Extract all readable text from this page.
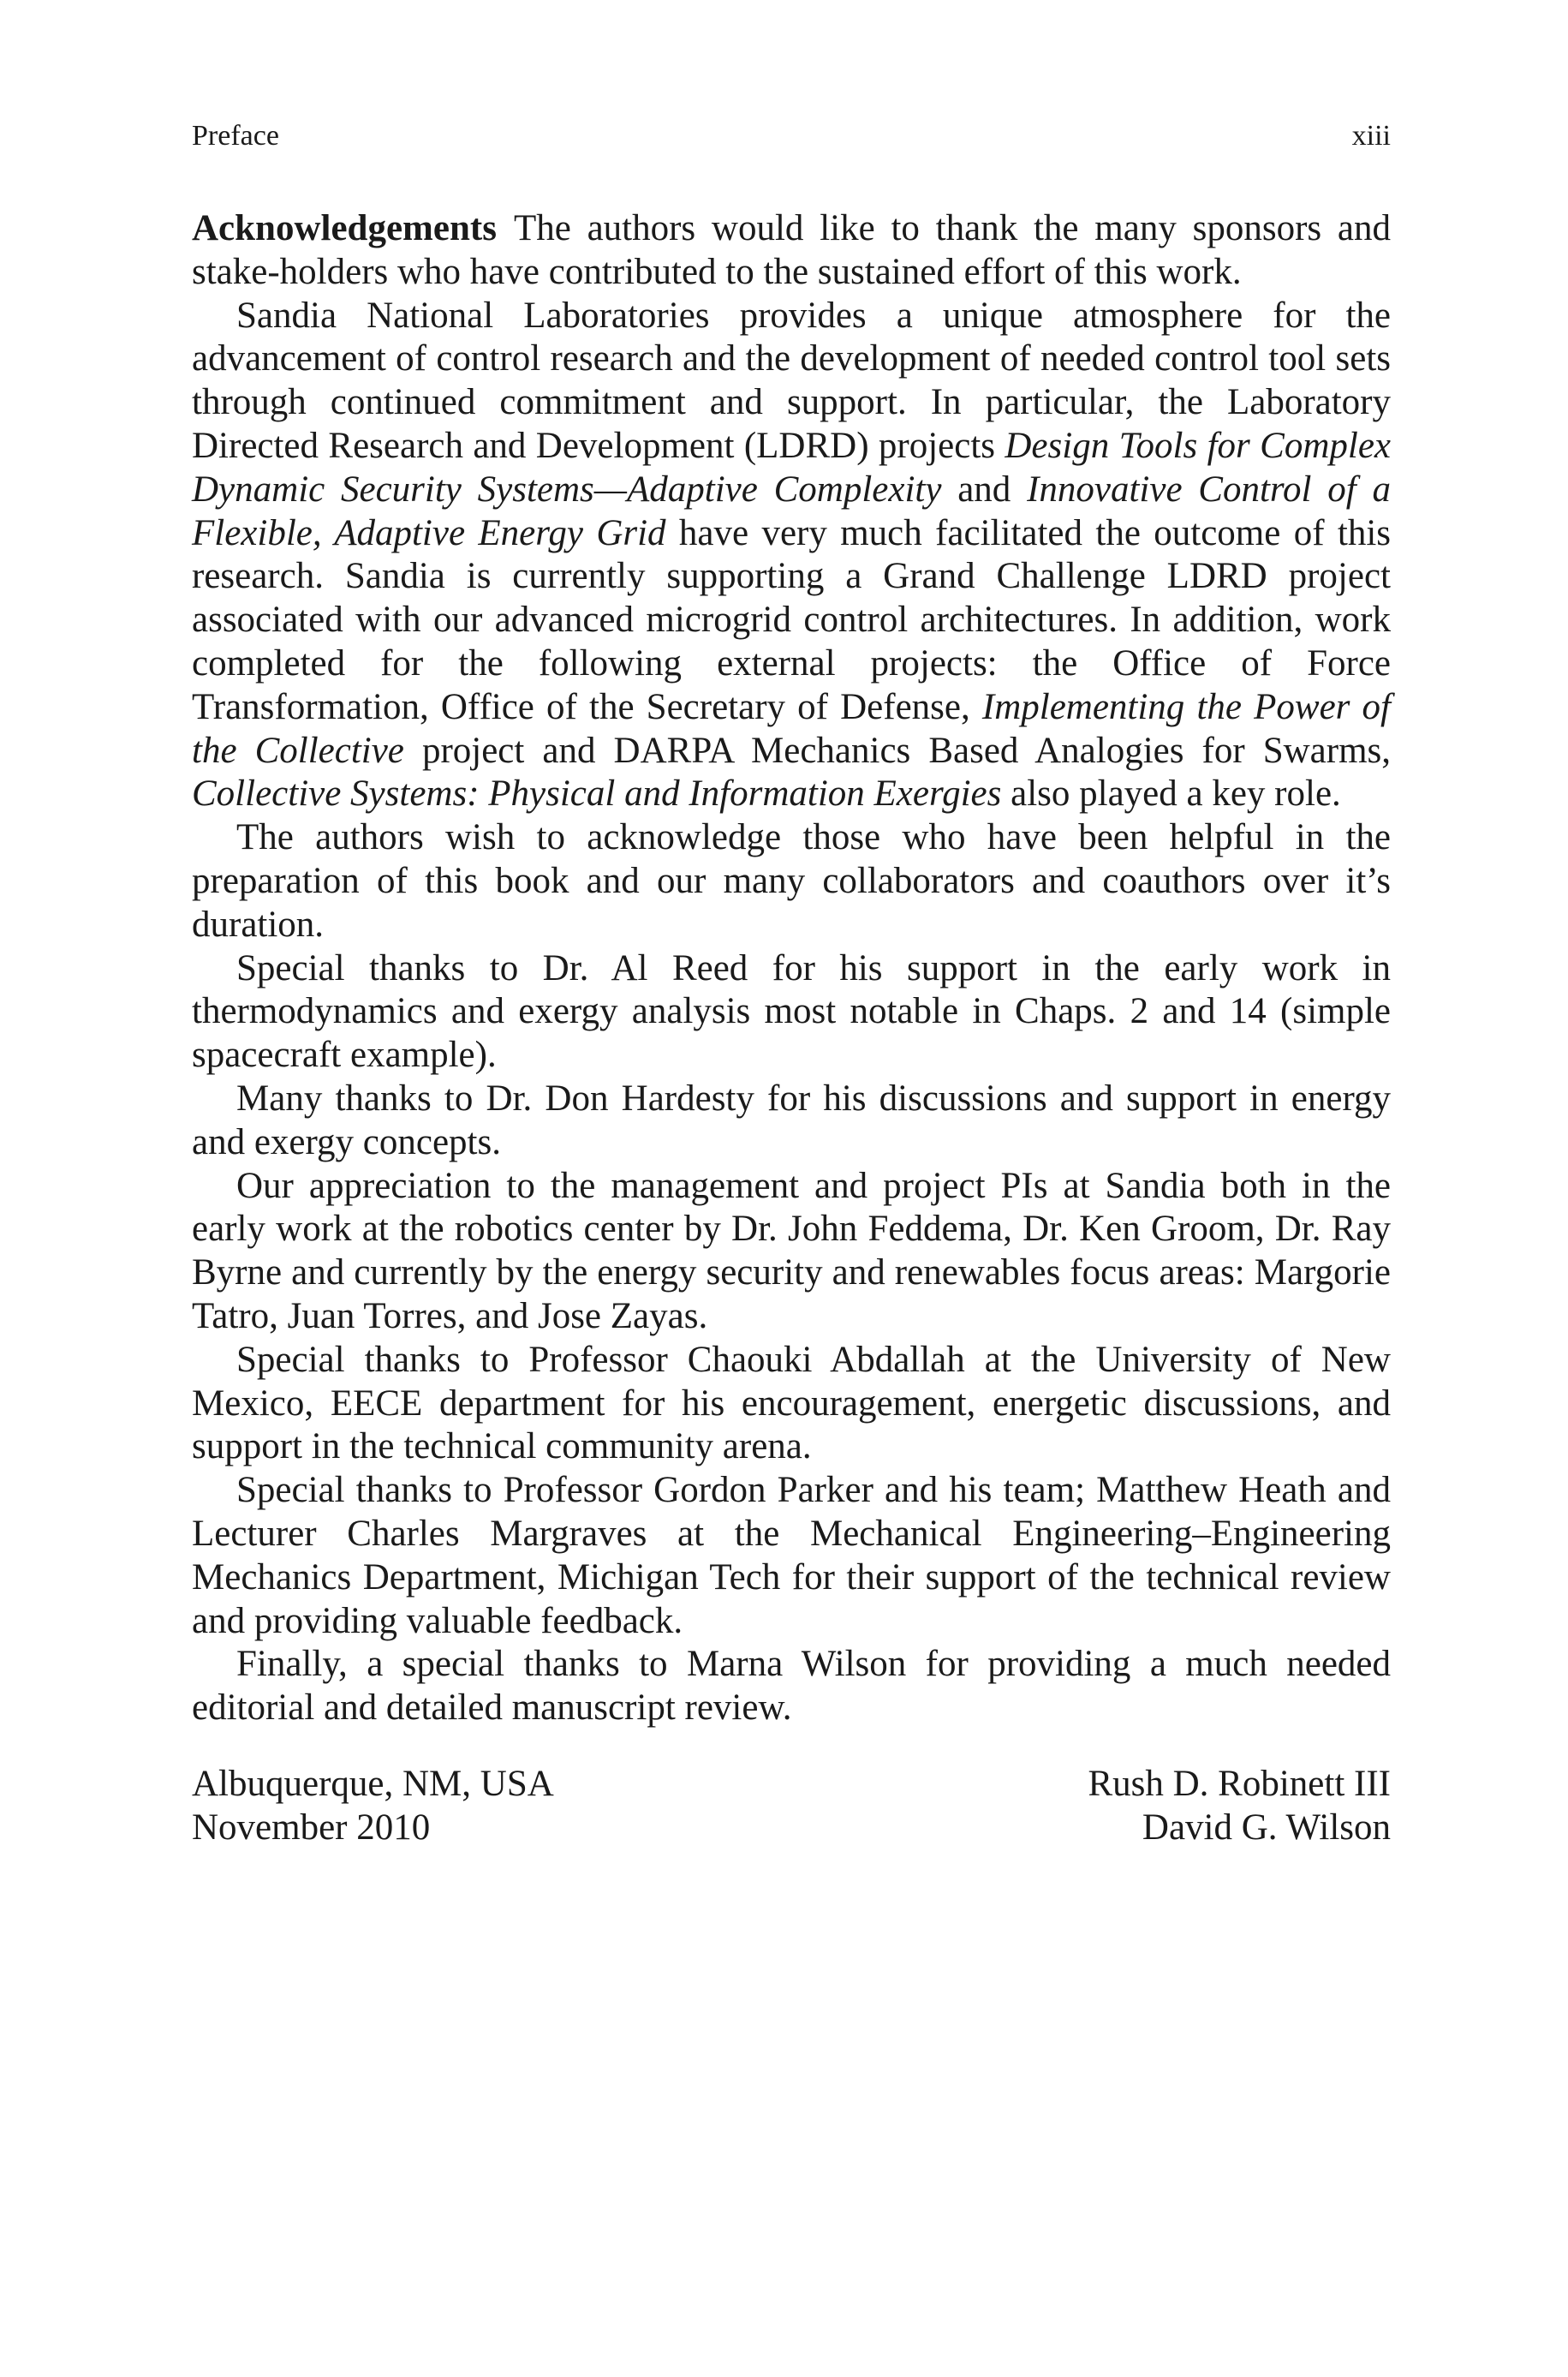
Preface	xiii

Acknowledgements The authors would like to thank the many sponsors and stake-holders who have contributed to the sustained effort of this work.

Sandia National Laboratories provides a unique atmosphere for the advancement of control research and the development of needed control tool sets through continued commitment and support. In particular, the Laboratory Directed Research and Development (LDRD) projects Design Tools for Complex Dynamic Security Systems—Adaptive Complexity and Innovative Control of a Flexible, Adaptive Energy Grid have very much facilitated the outcome of this research. Sandia is currently supporting a Grand Challenge LDRD project associated with our advanced microgrid control architectures. In addition, work completed for the following external projects: the Office of Force Transformation, Office of the Secretary of Defense, Implementing the Power of the Collective project and DARPA Mechanics Based Analogies for Swarms, Collective Systems: Physical and Information Exergies also played a key role.

The authors wish to acknowledge those who have been helpful in the preparation of this book and our many collaborators and coauthors over it’s duration.

Special thanks to Dr. Al Reed for his support in the early work in thermodynamics and exergy analysis most notable in Chaps. 2 and 14 (simple spacecraft example).

Many thanks to Dr. Don Hardesty for his discussions and support in energy and exergy concepts.

Our appreciation to the management and project PIs at Sandia both in the early work at the robotics center by Dr. John Feddema, Dr. Ken Groom, Dr. Ray Byrne and currently by the energy security and renewables focus areas: Margorie Tatro, Juan Torres, and Jose Zayas.

Special thanks to Professor Chaouki Abdallah at the University of New Mexico, EECE department for his encouragement, energetic discussions, and support in the technical community arena.

Special thanks to Professor Gordon Parker and his team; Matthew Heath and Lecturer Charles Margraves at the Mechanical Engineering–Engineering Mechanics Department, Michigan Tech for their support of the technical review and providing valuable feedback.

Finally, a special thanks to Marna Wilson for providing a much needed editorial and detailed manuscript review.

Albuquerque, NM, USA
November 2010
Rush D. Robinett III
David G. Wilson
